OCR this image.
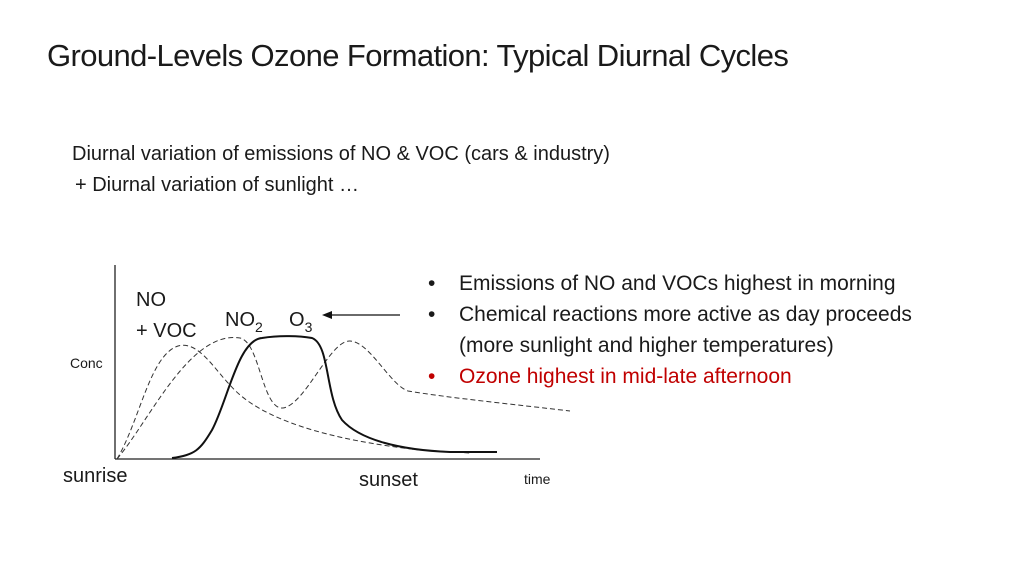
Ground-Levels Ozone Formation: Typical Diurnal Cycles
Diurnal variation of emissions of NO & VOC (cars & industry)
+ Diurnal variation of sunlight …
Conc
time
sunrise	sunset
NO
+ VOC $NO_2$ $O_3$
• Emissions of NO and VOCs highest in morning
• Chemical reactions more active as day proceeds
(more sunlight and higher temperatures)
• Ozone highest in mid-late afternoon
